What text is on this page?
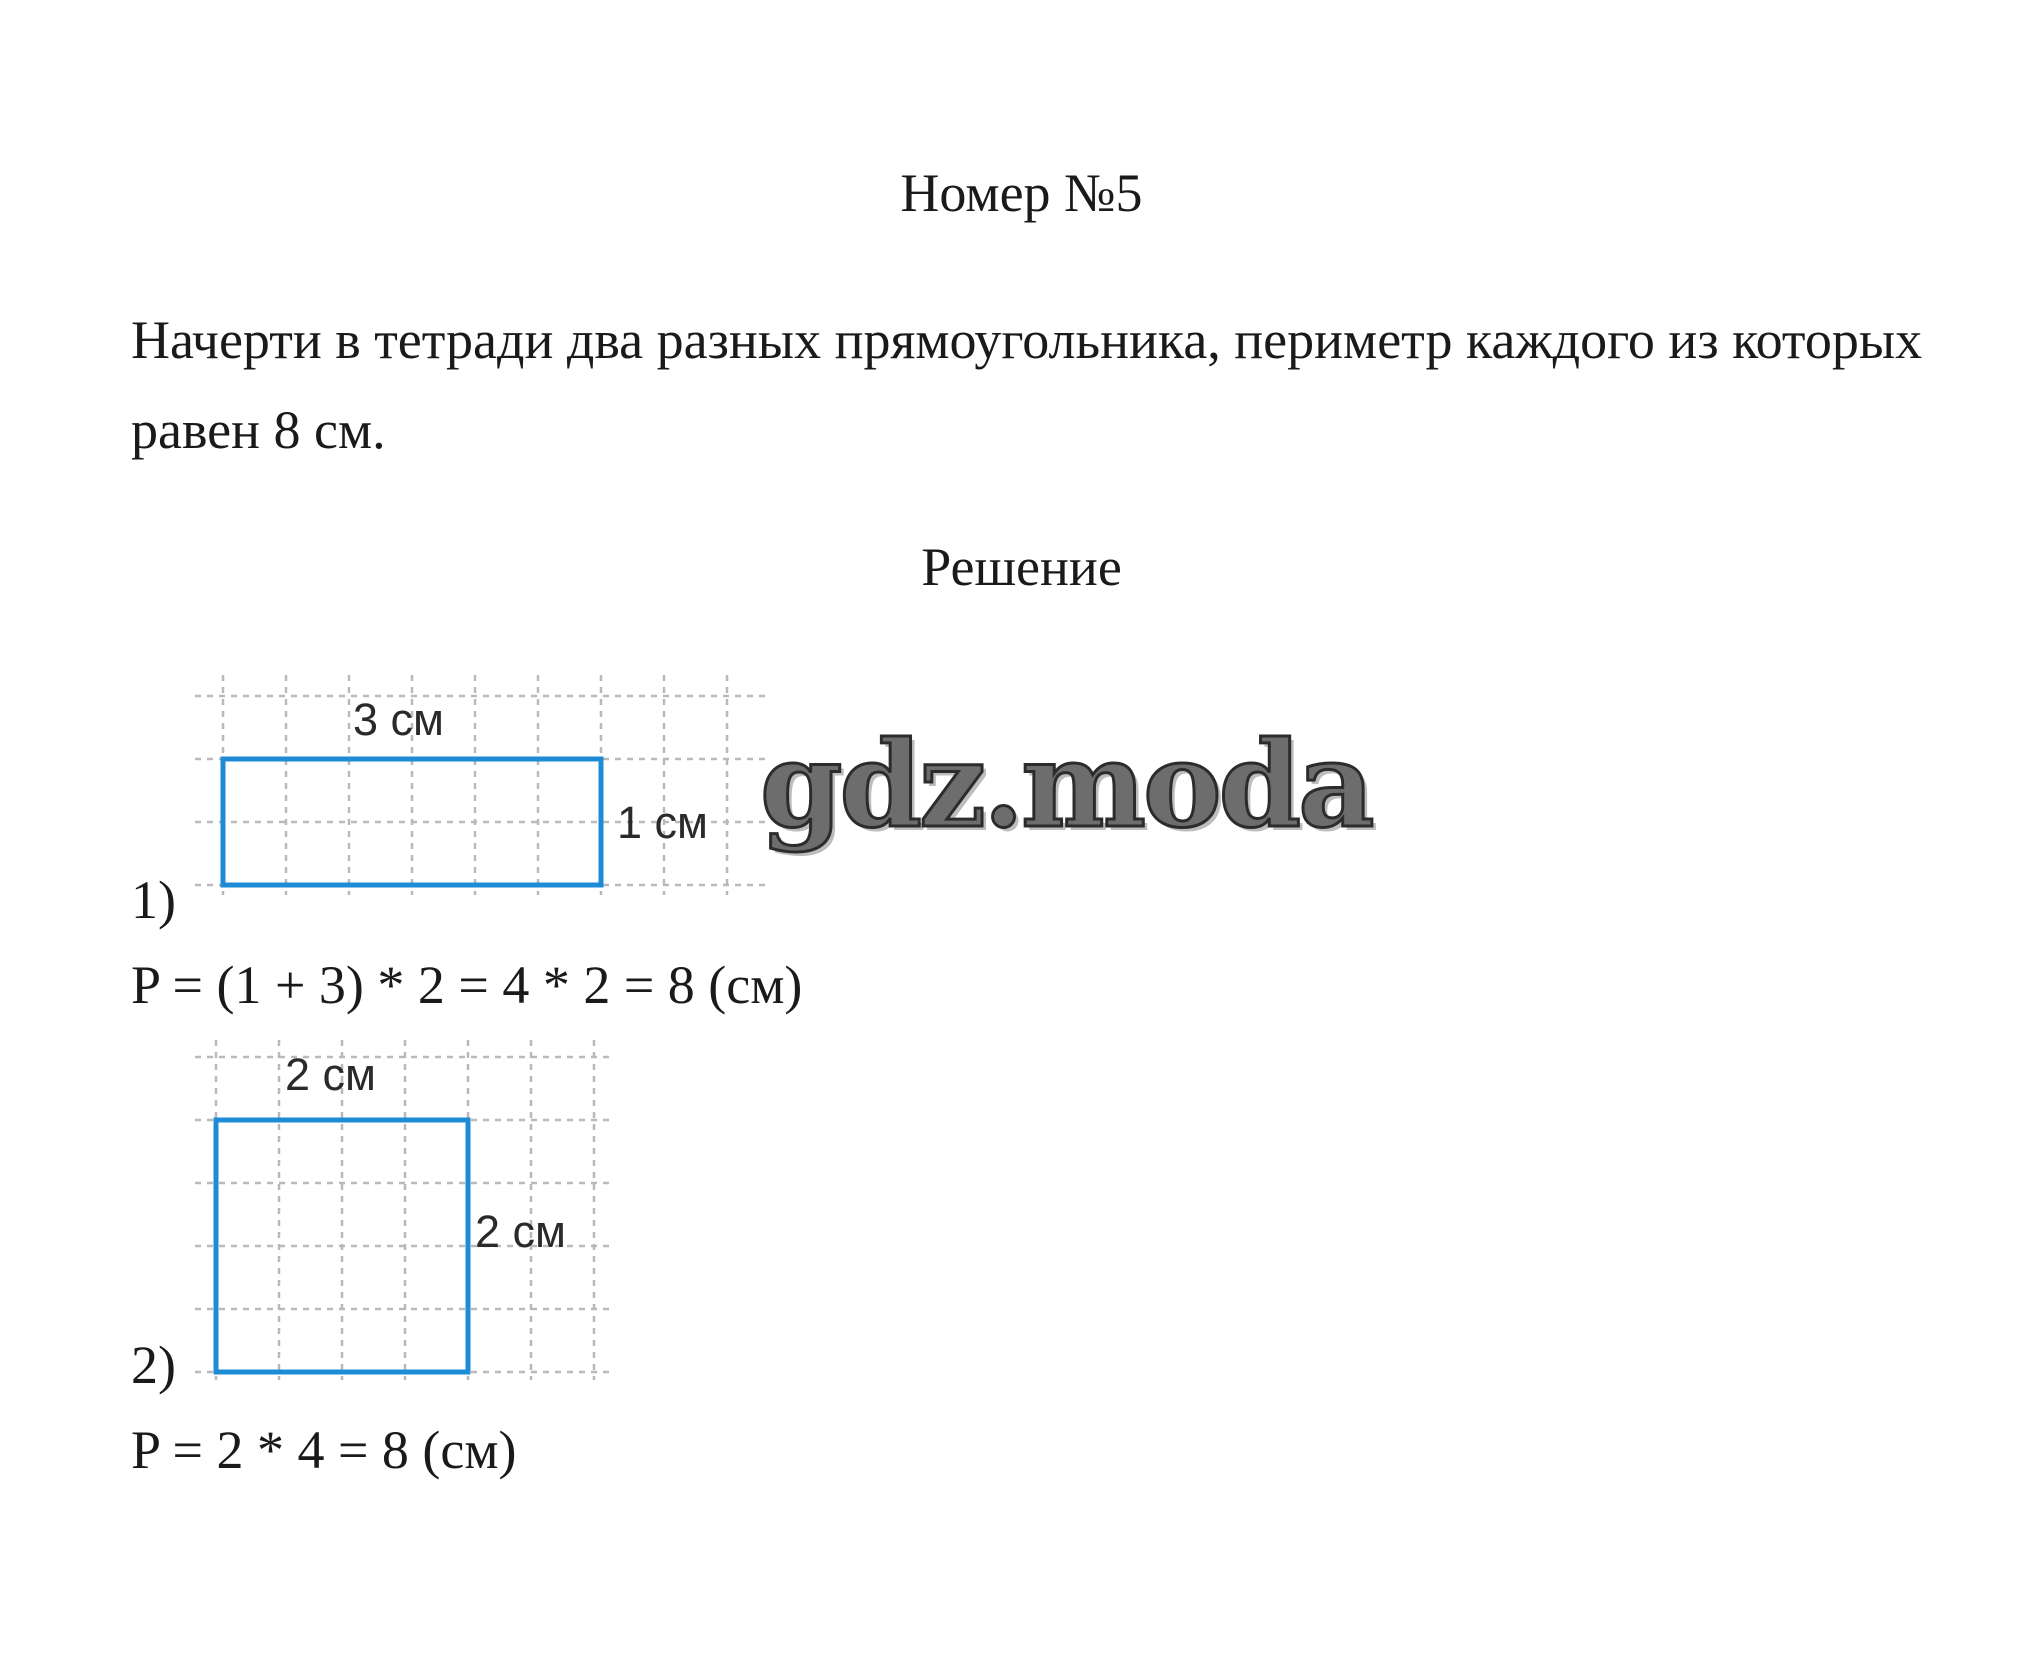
Номер №5
Начерти в тетради два разных прямоугольника, периметр каждого из которых равен 8 см.
Решение
3 см
1 см
1)
P = (1 + 3) * 2 = 4 * 2 = 8 (см)
2 см
2 см
2)
P = 2 * 4 = 8 (см)
gdz.moda
